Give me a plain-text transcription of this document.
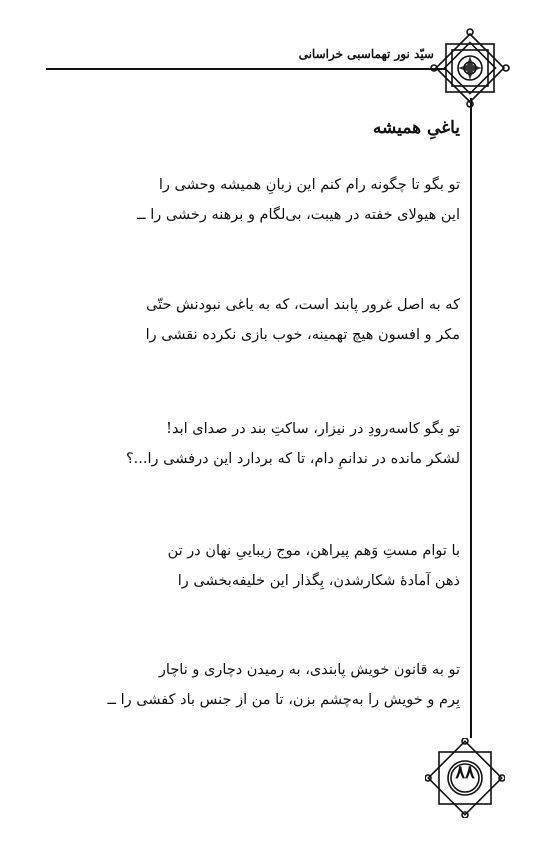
سیّد نور تهماسبی خراسانی
یاغیِ همیشه
تو بگو تا چگونه رام کنم این زبانِ همیشه وحشی را
این هیولای خفته در هیبت، بی‌لگام و برهنه رخشی را ــ
که به اصل غرور پابند است، که به یاغی نبودنش حتّی
مکر و افسون هیچ تهمینه، خوب بازی نکرده نقشی را
تو بگو کاسه‌رودِ در نیزار، ساکتِ بند در صدای ابد!
لشکر مانده در ندانمِ دام، تا که بردارد این درفشی را...؟
با توام مستِ وَهم پیراهن، موج زیباییِ نهان در تن
ذهن آمادهٔ شکارشدن، بِگذار این خلیفه‌بخشی را
تو به قانون خویش پابندی، به رمیدن دچاری و ناچار
بِرم و خویش را به‌چشم بزن، تا من از جنس باد کفشی را ــ
۸۸
